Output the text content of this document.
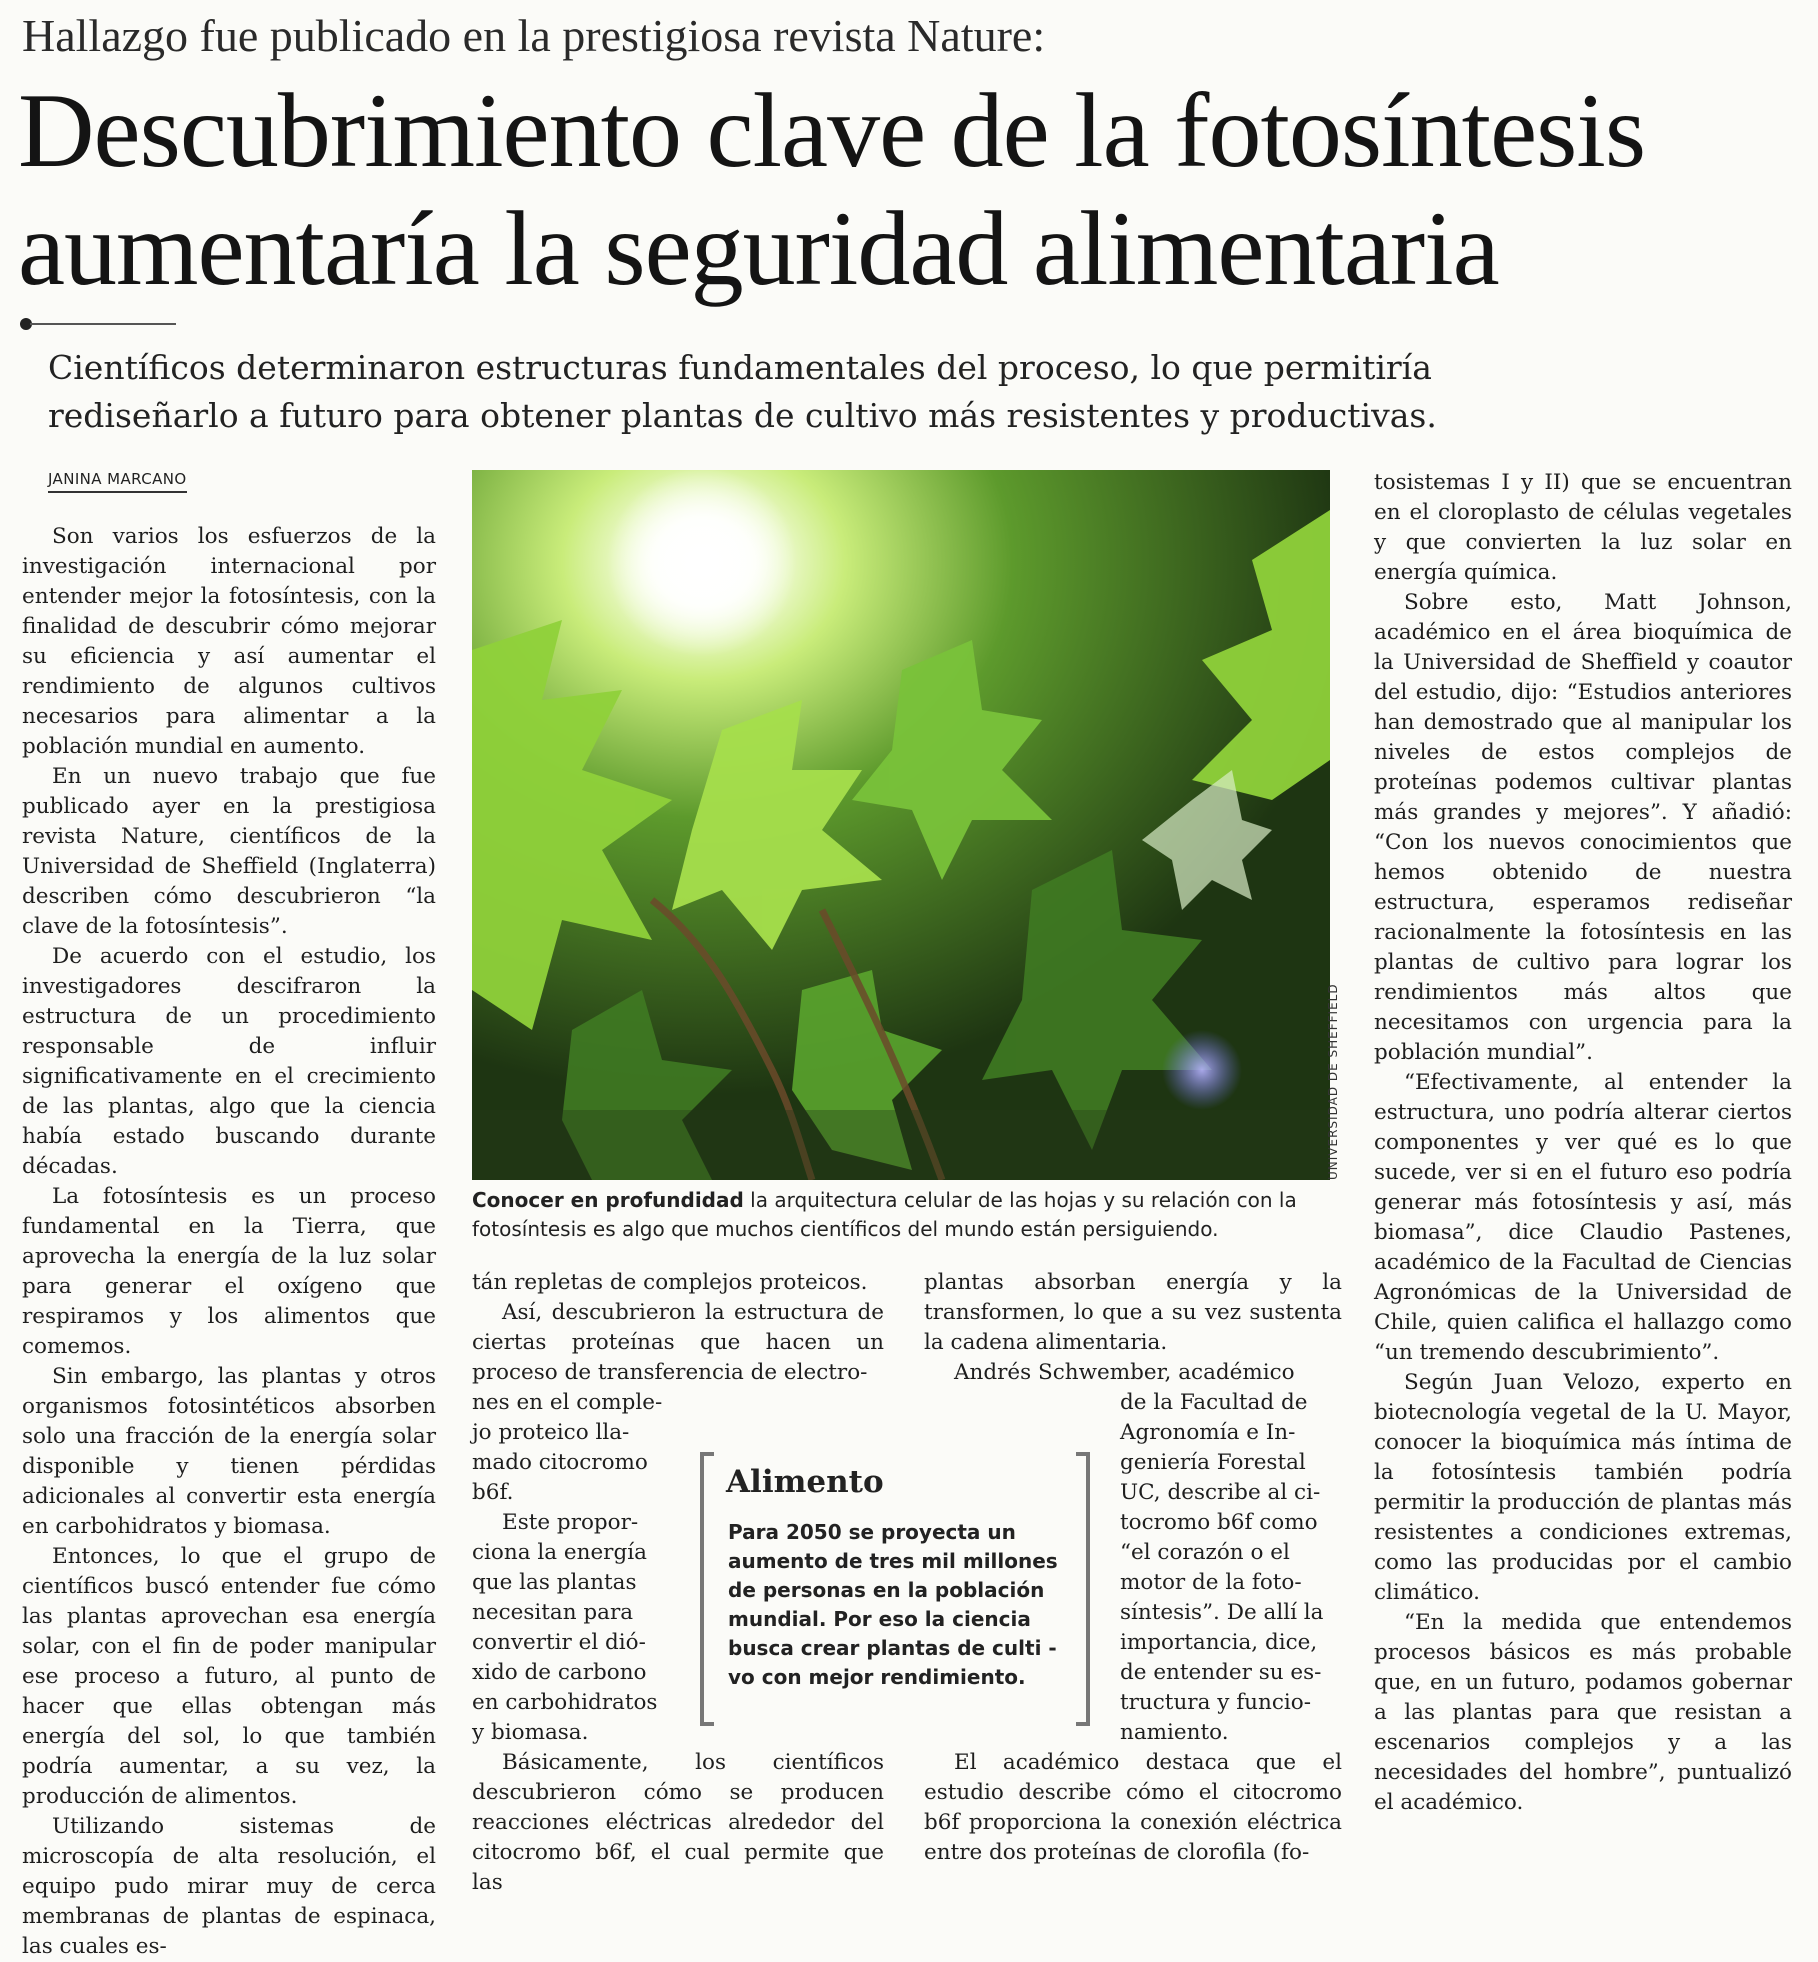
Hallazgo fue publicado en la prestigiosa revista Nature:
Descubrimiento clave de la fotosíntesis
aumentaría la seguridad alimentaria
Científicos determinaron estructuras fundamentales del proceso, lo que permitiría
rediseñarlo a futuro para obtener plantas de cultivo más resistentes y productivas.
JANINA MARCANO

Son varios los esfuerzos de la investigación internacional por entender mejor la fotosíntesis, con la finalidad de descubrir cómo mejorar su eficiencia y así aumentar el rendimiento de algunos cultivos necesarios para alimentar a la población mundial en aumento.

En un nuevo trabajo que fue publicado ayer en la prestigiosa revista Nature, científicos de la Universidad de Sheffield (Inglaterra) describen cómo descubrieron “la clave de la fotosíntesis”.

De acuerdo con el estudio, los investigadores descifraron la estructura de un procedimiento responsable de influir significativamente en el crecimiento de las plantas, algo que la ciencia había estado buscando durante décadas.

La fotosíntesis es un proceso fundamental en la Tierra, que aprovecha la energía de la luz solar para generar el oxígeno que respiramos y los alimentos que comemos.

Sin embargo, las plantas y otros organismos fotosintéticos absorben solo una fracción de la energía solar disponible y tienen pérdidas adicionales al convertir esta energía en carbohidratos y biomasa.

Entonces, lo que el grupo de científicos buscó entender fue cómo las plantas aprovechan esa energía solar, con el fin de poder manipular ese proceso a futuro, al punto de hacer que ellas obtengan más energía del sol, lo que también podría aumentar, a su vez, la producción de alimentos.

Utilizando sistemas de microscopía de alta resolución, el equipo pudo mirar muy de cerca membranas de plantas de espinaca, las cuales es-

UNIVERSIDAD DE SHEFFIELD
Conocer en profundidad la arquitectura celular de las hojas y su relación con la fotosíntesis es algo que muchos científicos del mundo están persiguiendo.

tán repletas de complejos proteicos.

Así, descubrieron la estructura de ciertas proteínas que hacen un proceso de transferencia de electro-

nes en el comple-
jo proteico lla-
mado citocromo
b6f.
Este propor-
ciona la energía
que las plantas
necesitan para
convertir el dió-
xido de carbono
en carbohidratos
y biomasa.

Básicamente, los científicos descubrieron cómo se producen reacciones eléctricas alrededor del citocromo b6f, el cual permite que las

plantas absorban energía y la transformen, lo que a su vez sustenta la cadena alimentaria.

Andrés Schwember, académico

de la Facultad de
Agronomía e In-
geniería Forestal
UC, describe al ci-
tocromo b6f como
“el corazón o el
motor de la foto-
síntesis”. De allí la
importancia, dice,
de entender su es-
tructura y funcio-
namiento.

El académico destaca que el estudio describe cómo el citocromo b6f proporciona la conexión eléctrica entre dos proteínas de clorofila (fo-

Alimento
Para 2050 se proyecta un
aumento de tres mil millones
de personas en la población
mundial. Por eso la ciencia
busca crear plantas de culti -
vo con mejor rendimiento.

tosistemas I y II) que se encuentran en el cloroplasto de células vegetales y que convierten la luz solar en energía química.

Sobre esto, Matt Johnson, académico en el área bioquímica de la Universidad de Sheffield y coautor del estudio, dijo: “Estudios anteriores han demostrado que al manipular los niveles de estos complejos de proteínas podemos cultivar plantas más grandes y mejores”. Y añadió: “Con los nuevos conocimientos que hemos obtenido de nuestra estructura, esperamos rediseñar racionalmente la fotosíntesis en las plantas de cultivo para lograr los rendimientos más altos que necesitamos con urgencia para la población mundial”.

“Efectivamente, al entender la estructura, uno podría alterar ciertos componentes y ver qué es lo que sucede, ver si en el futuro eso podría generar más fotosíntesis y así, más biomasa”, dice Claudio Pastenes, académico de la Facultad de Ciencias Agronómicas de la Universidad de Chile, quien califica el hallazgo como “un tremendo descubrimiento”.

Según Juan Velozo, experto en biotecnología vegetal de la U. Mayor, conocer la bioquímica más íntima de la fotosíntesis también podría permitir la producción de plantas más resistentes a condiciones extremas, como las producidas por el cambio climático.

“En la medida que entendemos procesos básicos es más probable que, en un futuro, podamos gobernar a las plantas para que resistan a escenarios complejos y a las necesidades del hombre”, puntualizó el académico.
